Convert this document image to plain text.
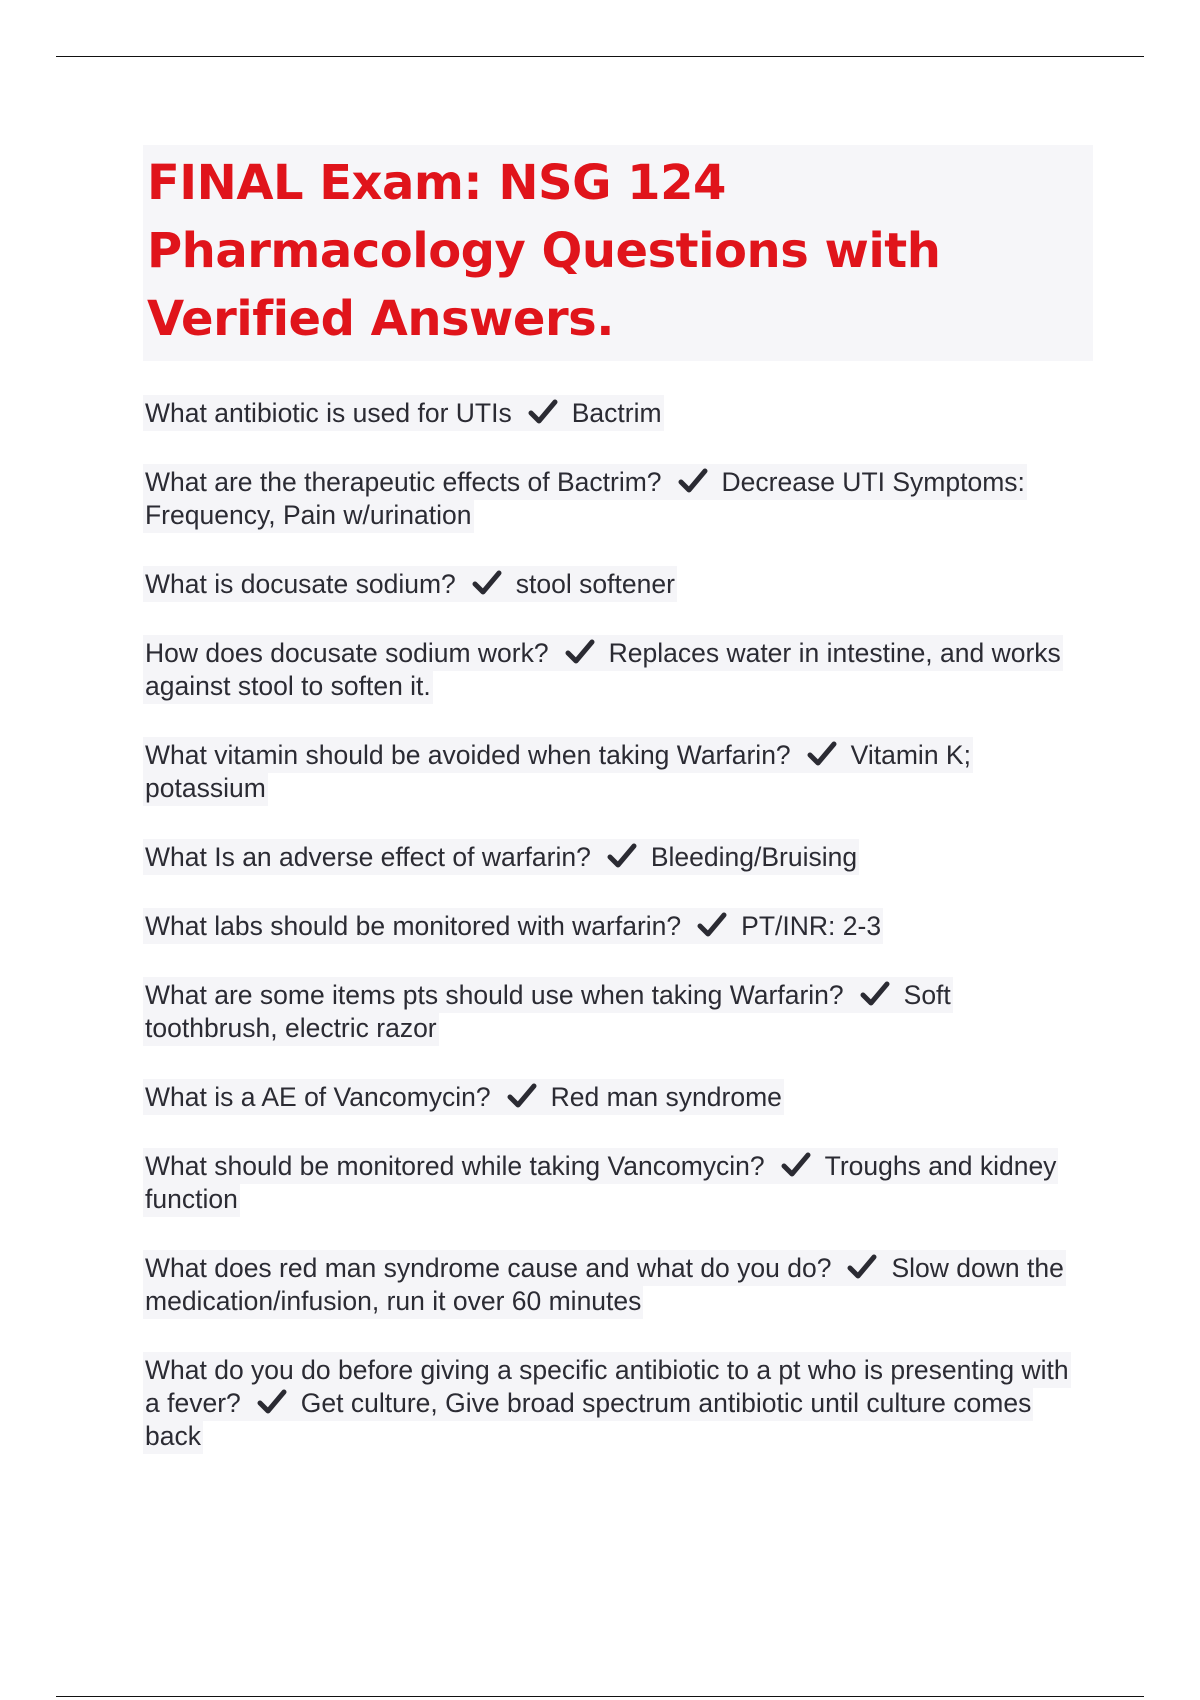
FINAL Exam: NSG 124 Pharmacology Questions with Verified Answers.

What antibiotic is used for UTIs Bactrim

What are the therapeutic effects of Bactrim? Decrease UTI Symptoms: Frequency, Pain w/urination

What is docusate sodium? stool softener

How does docusate sodium work? Replaces water in intestine, and works against stool to soften it.

What vitamin should be avoided when taking Warfarin? Vitamin K; potassium

What Is an adverse effect of warfarin? Bleeding/Bruising

What labs should be monitored with warfarin? PT/INR: 2-3

What are some items pts should use when taking Warfarin? Soft toothbrush, electric razor

What is a AE of Vancomycin? Red man syndrome

What should be monitored while taking Vancomycin? Troughs and kidney function

What does red man syndrome cause and what do you do? Slow down the medication/infusion, run it over 60 minutes

What do you do before giving a specific antibiotic to a pt who is presenting with a fever? Get culture, Give broad spectrum antibiotic until culture comes back
